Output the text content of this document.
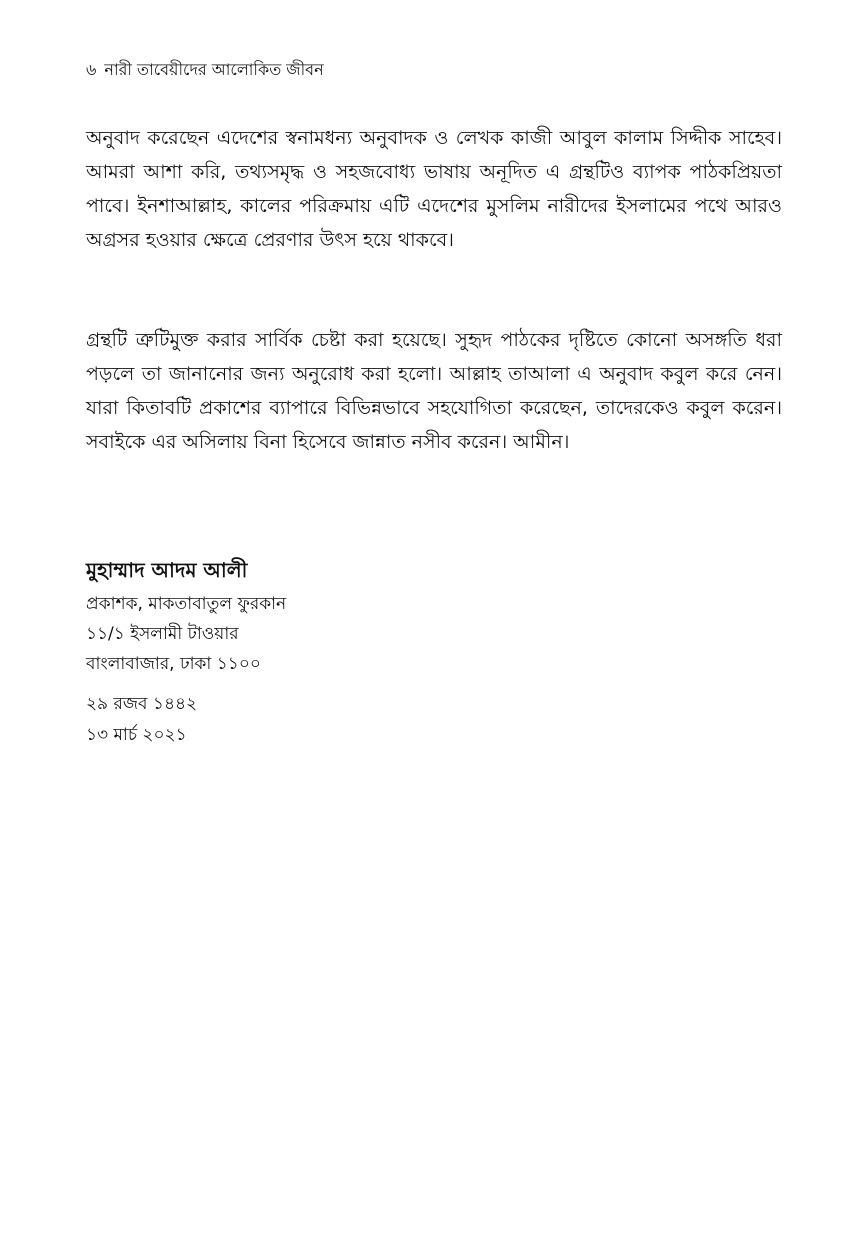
৬ নারী তাবেয়ীদের আলোকিত জীবন

অনুবাদ করেছেন এদেশের স্বনামধন্য অনুবাদক ও লেখক কাজী আবুল কালাম সিদ্দীক সাহেব। আমরা আশা করি, তথ্যসমৃদ্ধ ও সহজবোধ্য ভাষায় অনূদিত এ গ্রন্থটিও ব্যাপক পাঠকপ্রিয়তা পাবে। ইনশাআল্লাহ, কালের পরিক্রমায় এটি এদেশের মুসলিম নারীদের ইসলামের পথে আরও অগ্রসর হওয়ার ক্ষেত্রে প্রেরণার উৎস হয়ে থাকবে।

গ্রন্থটি ত্রুটিমুক্ত করার সার্বিক চেষ্টা করা হয়েছে। সুহৃদ পাঠকের দৃষ্টিতে কোনো অসঙ্গতি ধরা পড়লে তা জানানোর জন্য অনুরোধ করা হলো। আল্লাহ তাআলা এ অনুবাদ কবুল করে নেন। যারা কিতাবটি প্রকাশের ব্যাপারে বিভিন্নভাবে সহযোগিতা করেছেন, তাদেরকেও কবুল করেন। সবাইকে এর অসিলায় বিনা হিসেবে জান্নাত নসীব করেন। আমীন।

মুহাম্মাদ আদম আলী
প্রকাশক, মাকতাবাতুল ফুরকান
১১/১ ইসলামী টাওয়ার
বাংলাবাজার, ঢাকা ১১০০
২৯ রজব ১৪৪২
১৩ মার্চ ২০২১
